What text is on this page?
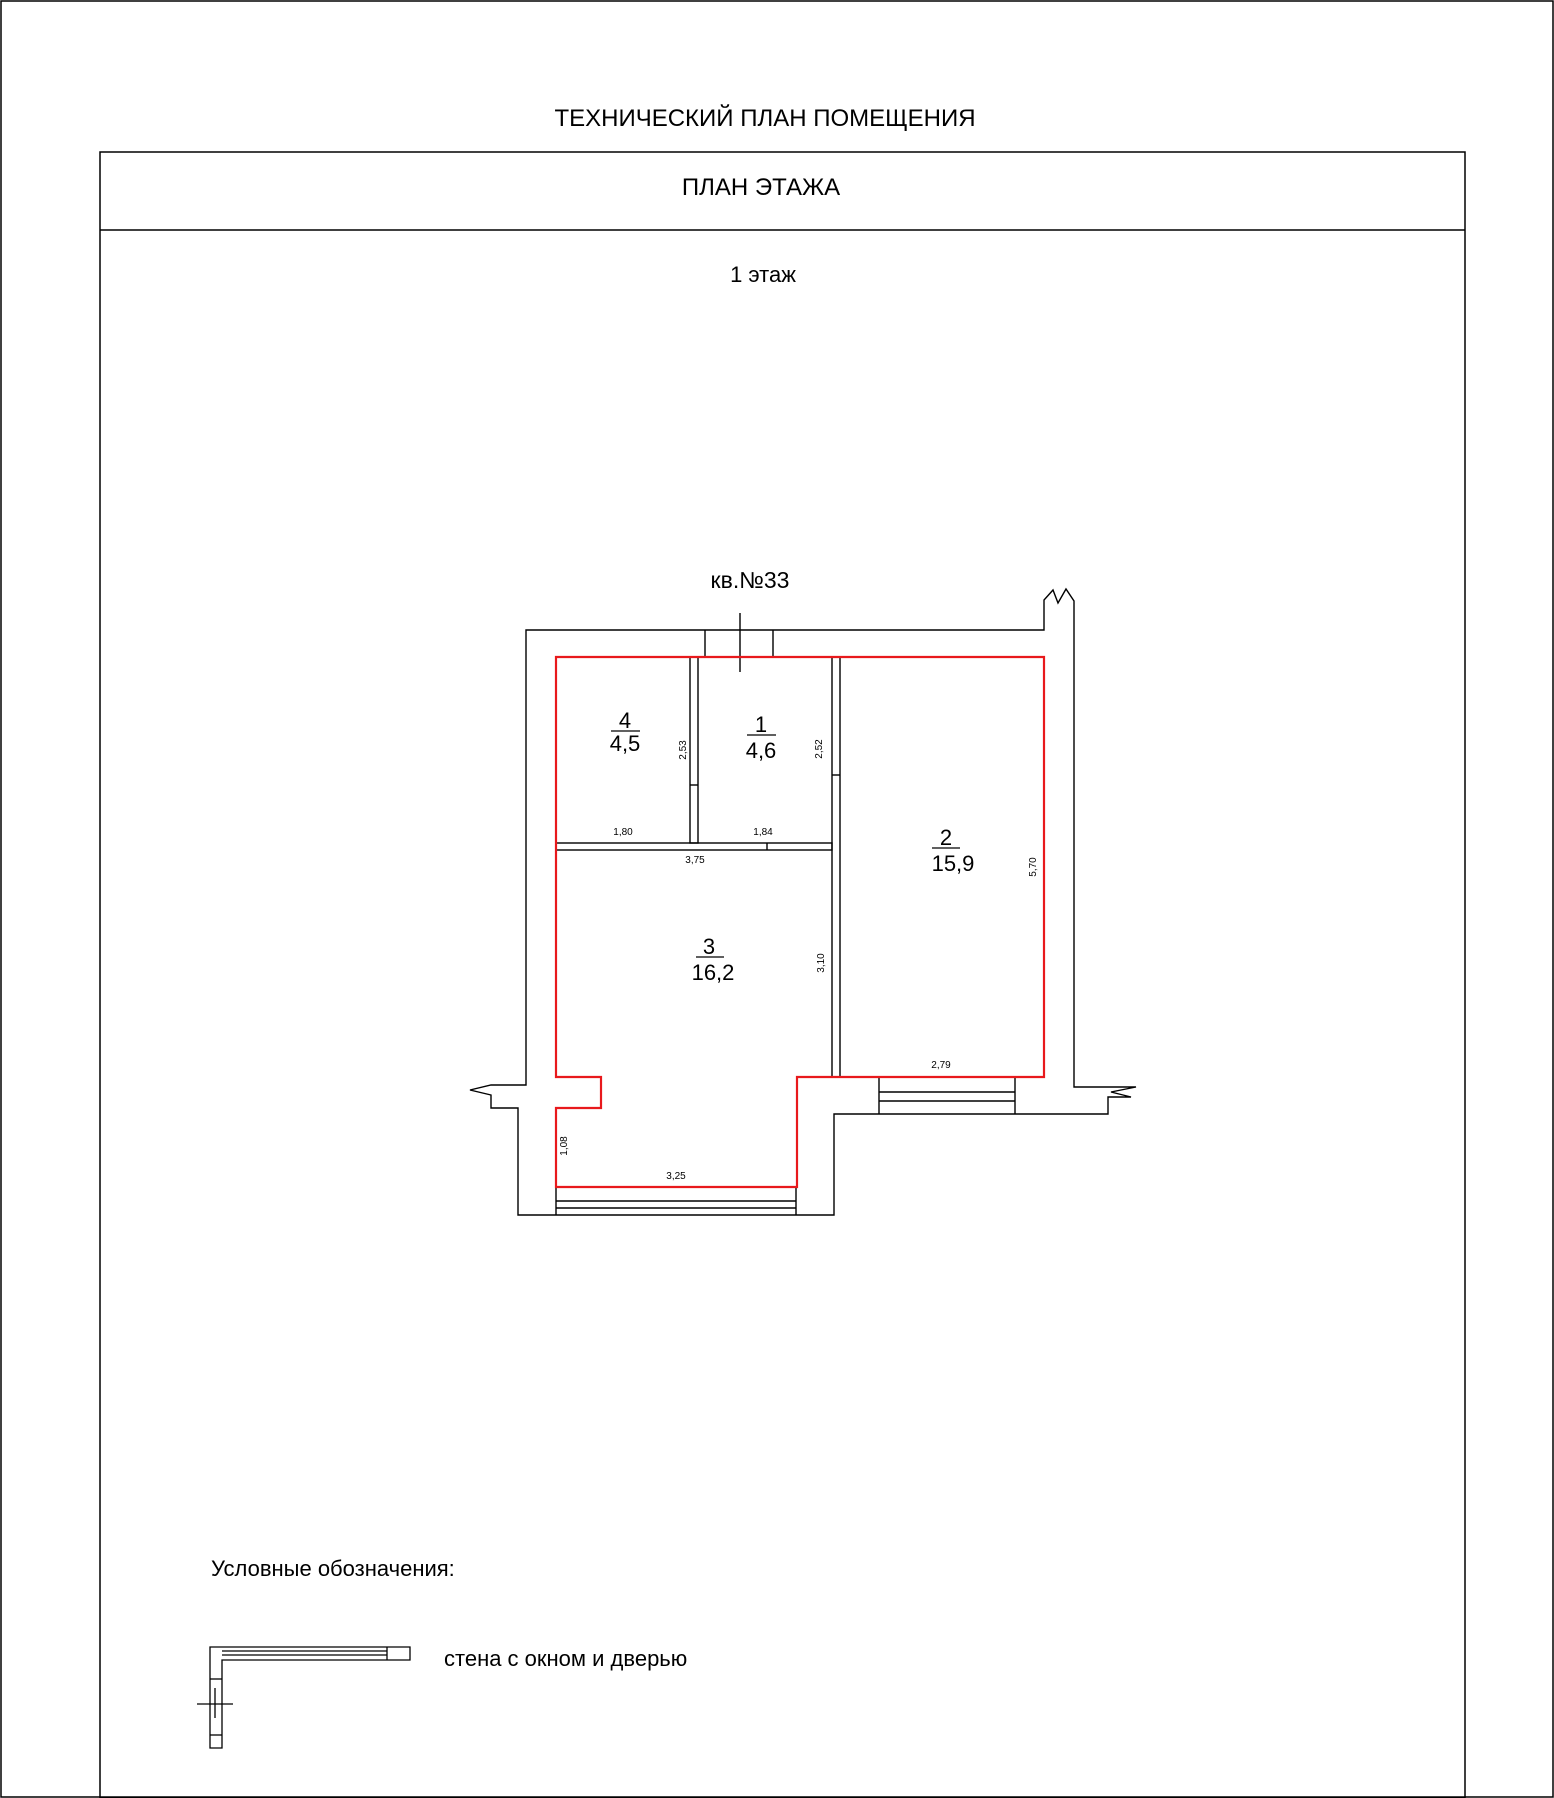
ТЕХНИЧЕСКИЙ ПЛАН ПОМЕЩЕНИЯ
ПЛАН ЭТАЖА
1 этаж
кв.№33
4
4,5
1
4,6
2
15,9
3
16,2
2,53	2,52
1,80	1,84
3,75	5,70
3,10
2,79
1,08
3,25
Условные обозначения:
стена с окном и дверью
